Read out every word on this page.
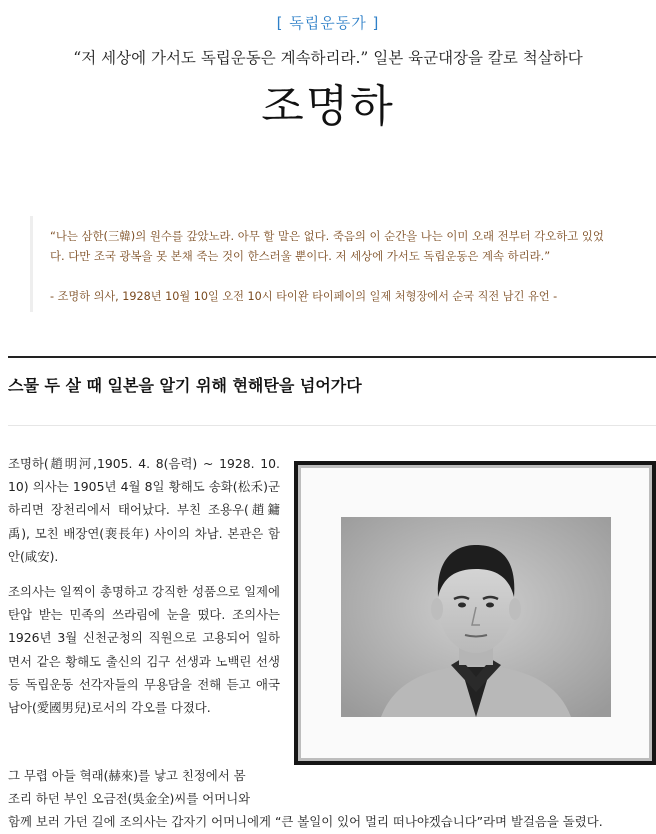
[ 독립운동가 ]
“저 세상에 가서도 독립운동은 계속하리라.” 일본 육군대장을 칼로 척살하다
조명하
“나는 삼한(三韓)의 원수를 갚았노라. 아무 할 말은 없다. 죽음의 이 순간을 나는 이미 오래 전부터 각오하고 있었
다. 다만 조국 광복을 못 본채 죽는 것이 한스러울 뿐이다. 저 세상에 가서도 독립운동은 계속 하리라.”
- 조명하 의사, 1928년 10월 10일 오전 10시 타이완 타이페이의 일제 처형장에서 순국 직전 남긴 유언 -
스물 두 살 때 일본을 알기 위해 현해탄을 넘어가다

조명하(趙明河,1905. 4. 8(음력) ~ 1928. 10. 10) 의사는 1905년 4월 8일 황해도 송화(松禾)군 하리면 장천리에서 태어났다. 부친 조용우(趙鏞禹), 모친 배장연(裵長年) 사이의 차남. 본관은 함안(咸安).

조의사는 일찍이 총명하고 강직한 성품으로 일제에 탄압 받는 민족의 쓰라림에 눈을 떴다. 조의사는 1926년 3월 신천군청의 직원으로 고용되어 일하면서 같은 황해도 출신의 김구 선생과 노백린 선생 등 독립운동 선각자들의 무용담을 전해 듣고 애국남아(愛國男兒)로서의 각오를 다졌다.

그 무렵 아들 혁래(赫來)를 낳고 친정에서 몸
조리 하던 부인 오금전(吳金全)씨를 어머니와
함께 보러 가던 길에 조의사는 갑자기 어머니에게 “큰 볼일이 있어 멀리 떠나야겠습니다”라며 발걸음을 돌렸다.
